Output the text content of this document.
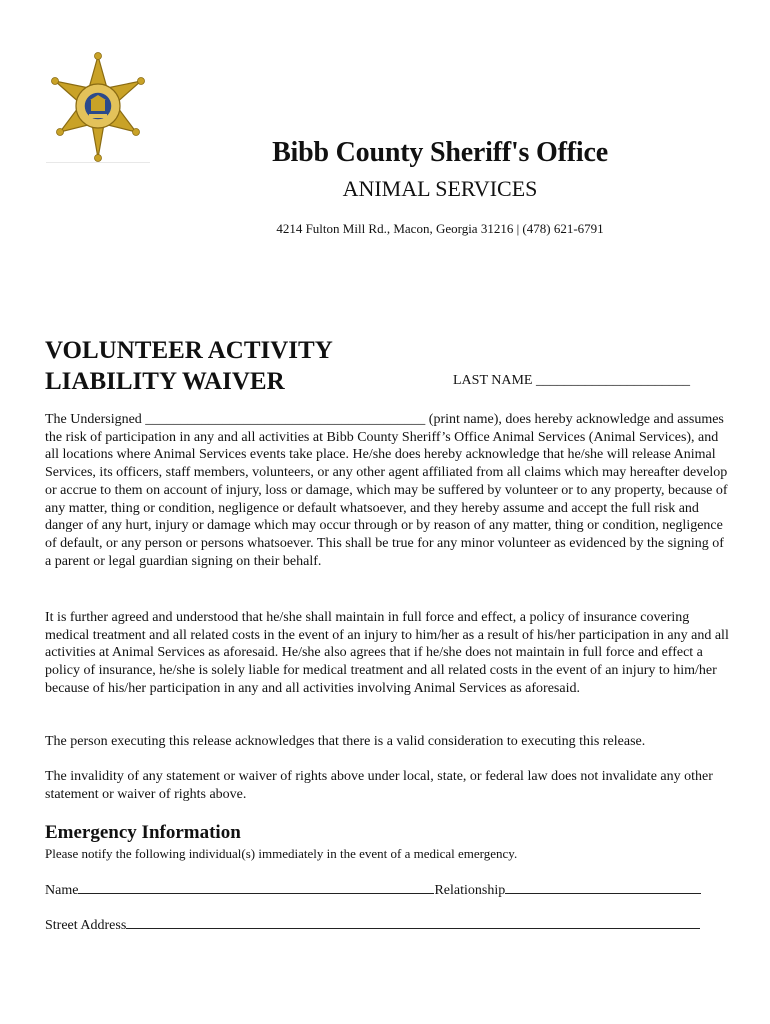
Bibb County Sheriff's Office
ANIMAL SERVICES
4214 Fulton Mill Rd., Macon, Georgia 31216 | (478) 621-6791
VOLUNTEER ACTIVITY
LIABILITY WAIVER	LAST NAME ______________________

The Undersigned ________________________________________ (print name), does hereby acknowledge and assumes the risk of participation in any and all activities at Bibb County Sheriff’s Office Animal Services (Animal Services), and all locations where Animal Services events take place. He/she does hereby acknowledge that he/she will release Animal Services, its officers, staff members, volunteers, or any other agent affiliated from all claims which may hereafter develop or accrue to them on account of injury, loss or damage, which may be suffered by volunteer or to any property, because of any matter, thing or condition, negligence or default whatsoever, and they hereby assume and accept the full risk and danger of any hurt, injury or damage which may occur through or by reason of any matter, thing or condition, negligence of default, or any person or persons whatsoever. This shall be true for any minor volunteer as evidenced by the signing of a parent or legal guardian signing on their behalf.

It is further agreed and understood that he/she shall maintain in full force and effect, a policy of insurance covering medical treatment and all related costs in the event of an injury to him/her as a result of his/her participation in any and all activities at Animal Services as aforesaid. He/she also agrees that if he/she does not maintain in full force and effect a policy of insurance, he/she is solely liable for medical treatment and all related costs in the event of an injury to him/her because of his/her participation in any and all activities involving Animal Services as aforesaid.

The person executing this release acknowledges that there is a valid consideration to executing this release.

The invalidity of any statement or waiver of rights above under local, state, or federal law does not invalidate any other statement or waiver of rights above.

Emergency Information
Please notify the following individual(s) immediately in the event of a medical emergency.
Name	Relationship
Street Address
